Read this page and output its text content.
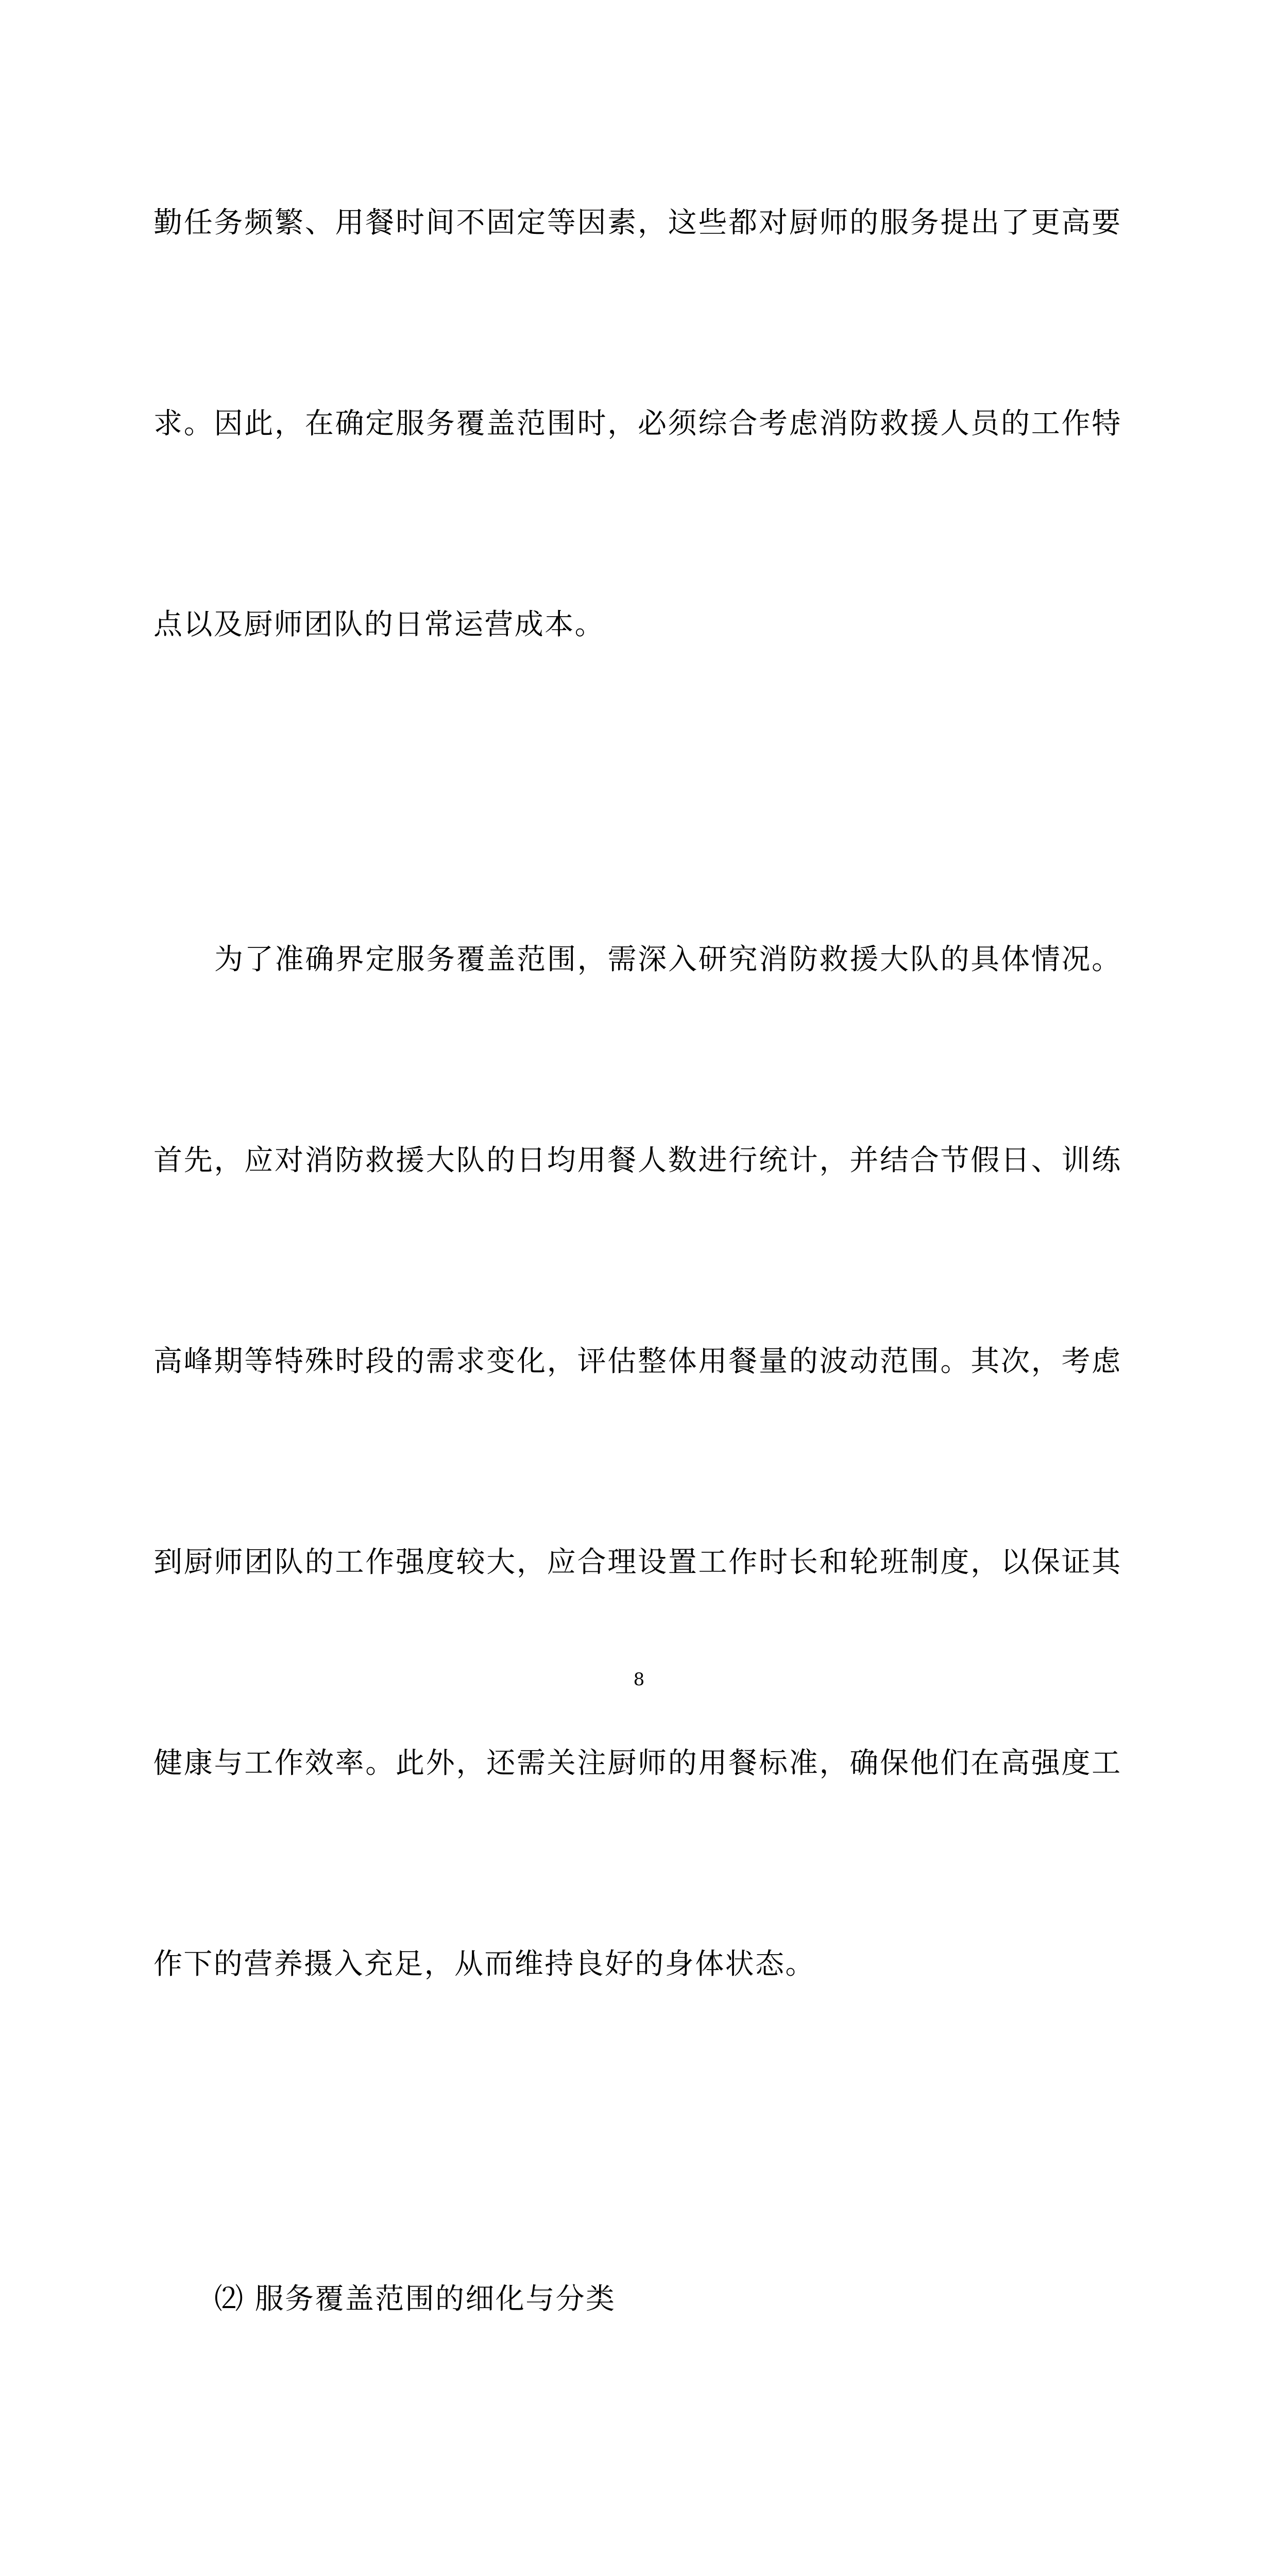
勤任务频繁、用餐时间不固定等因素，这些都对厨师的服务提出了更高要

求。因此，在确定服务覆盖范围时，必须综合考虑消防救援人员的工作特

点以及厨师团队的日常运营成本。

为了准确界定服务覆盖范围，需深入研究消防救援大队的具体情况。

首先，应对消防救援大队的日均用餐人数进行统计，并结合节假日、训练

高峰期等特殊时段的需求变化，评估整体用餐量的波动范围。其次，考虑

到厨师团队的工作强度较大，应合理设置工作时长和轮班制度，以保证其

健康与工作效率。此外，还需关注厨师的用餐标准，确保他们在高强度工

作下的营养摄入充足，从而维持良好的身体状态。

⑵ 服务覆盖范围的细化与分类

8
